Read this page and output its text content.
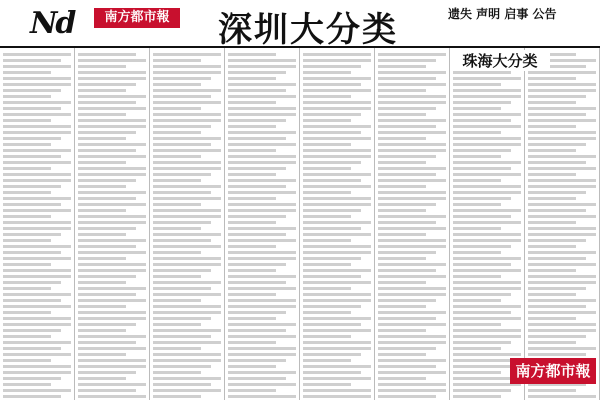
Nd	南方都市報	深圳大分类	遗失 声明 启事 公告
珠海大分类
南方都市報
